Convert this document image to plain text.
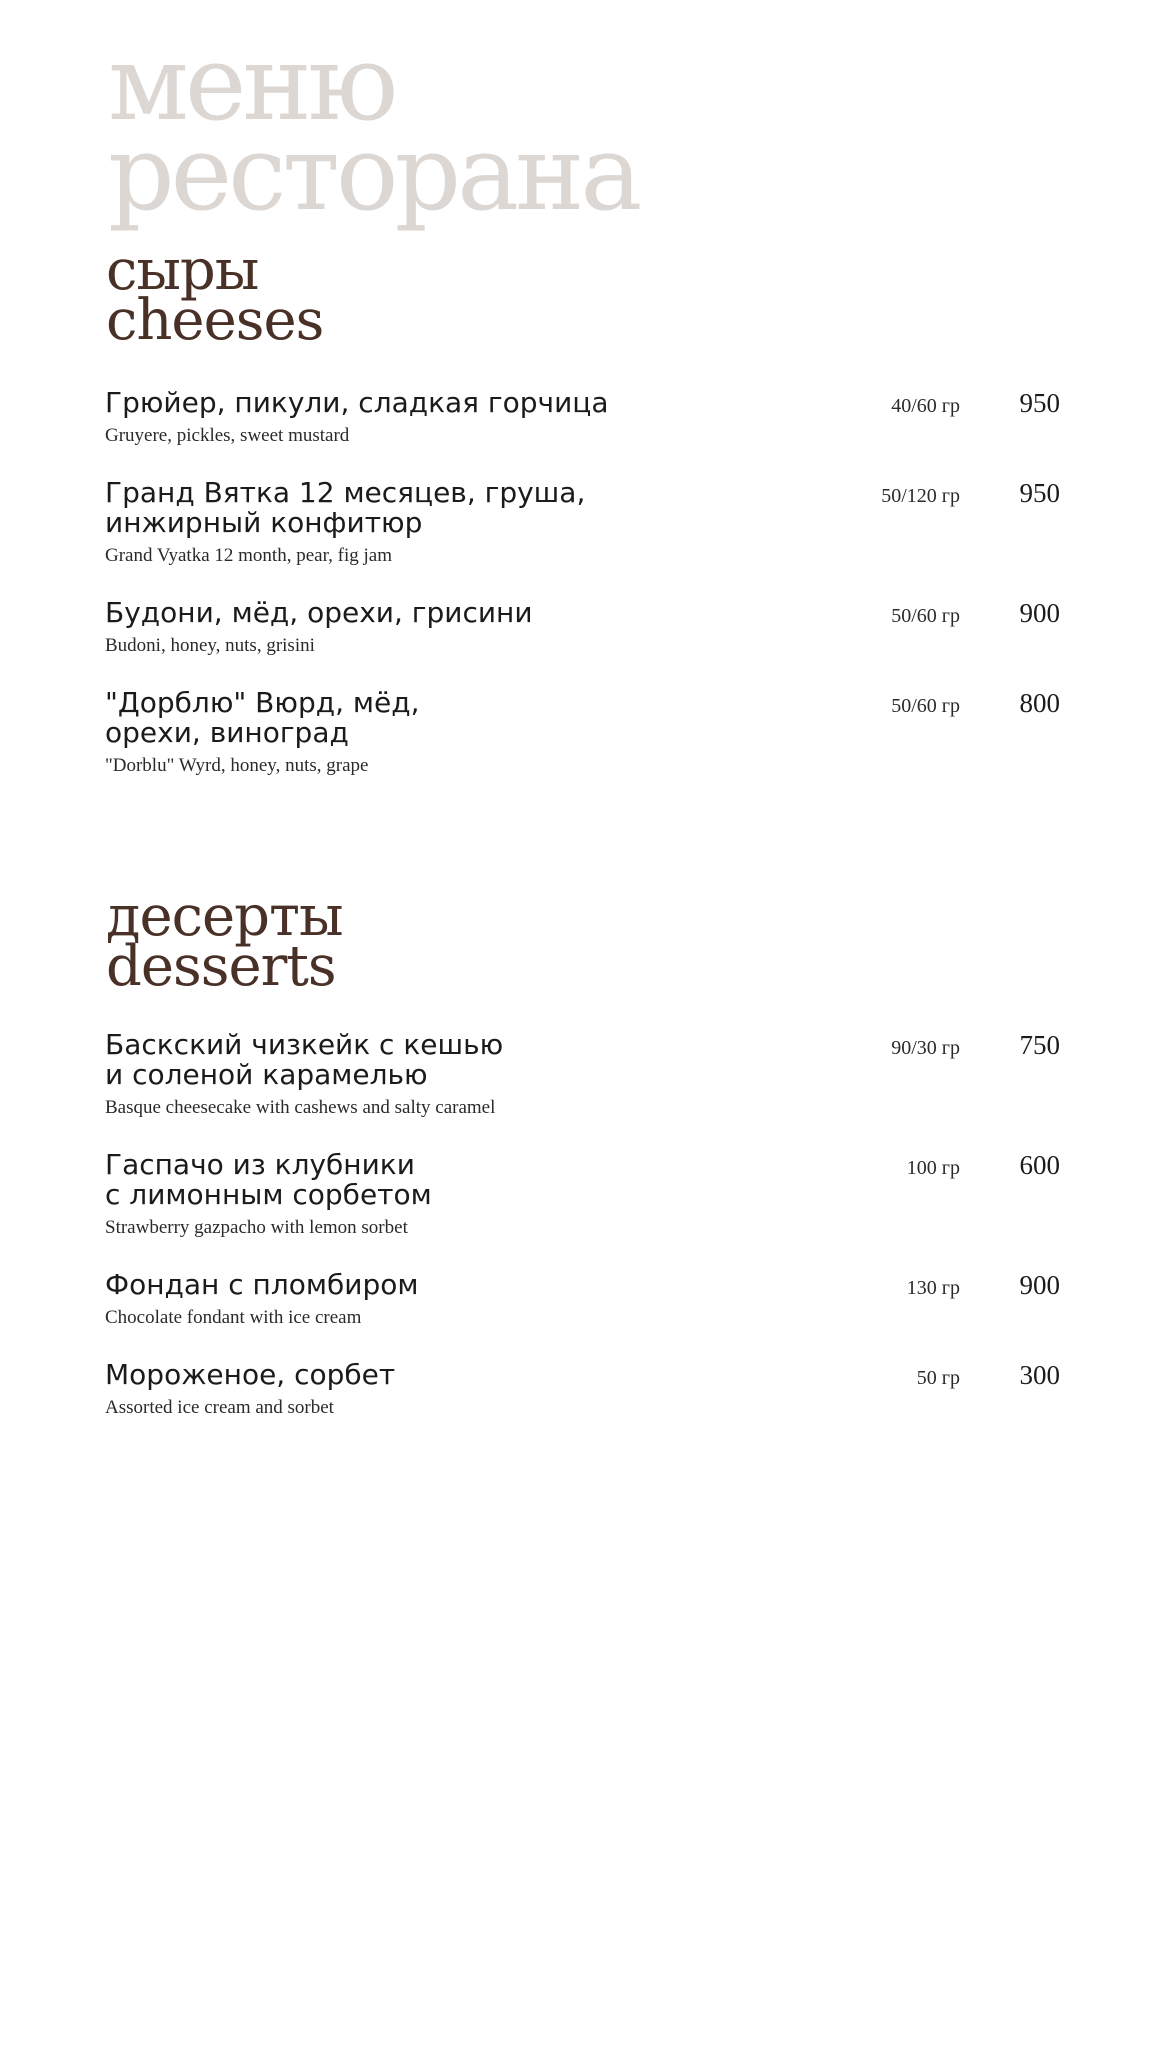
меню
ресторана
сыры
cheeses
Грюйер, пикули, сладкая горчица
Gruyere, pickles, sweet mustard
40/60 гр 950
Гранд Вятка 12 месяцев, груша,
инжирный конфитюр
Grand Vyatka 12 month, pear, fig jam
50/120 гр 950
Будони, мёд, орехи, грисини
Budoni, honey, nuts, grisini
50/60 гр 900
"Дорблю" Вюрд, мёд,
орехи, виноград
"Dorblu" Wyrd, honey, nuts, grape
50/60 гр 800
десерты
desserts
Баскский чизкейк с кешью
и соленой карамелью
Basque cheesecake with cashews and salty caramel
90/30 гр 750
Гаспачо из клубники
с лимонным сорбетом
Strawberry gazpacho with lemon sorbet
100 гр 600
Фондан с пломбиром
Chocolate fondant with ice cream
130 гр 900
Мороженое, сорбет
Assorted ice cream and sorbet
50 гр 300
